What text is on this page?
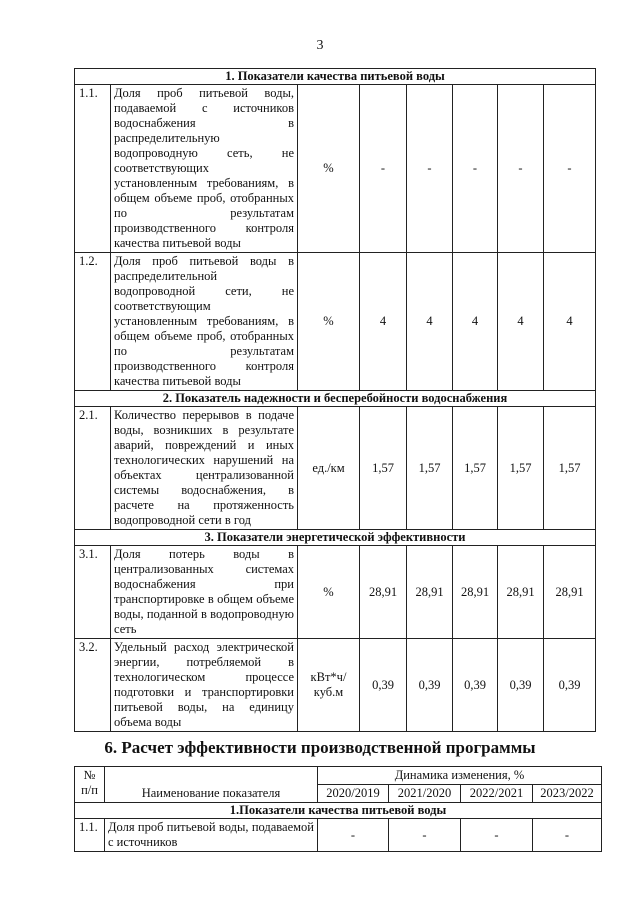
3
1. Показатели качества питьевой воды							
1.1.	Доля проб питьевой воды, подаваемой с источников водоснабжения в распределительную водопроводную сеть, не соответствующих установленным требованиям, в общем объеме проб, отобранных по результатам производственного контроля качества питьевой воды	%	-	-	-	-	-
1.2.	Доля проб питьевой воды в распределительной водопроводной сети, не соответствующим установленным требованиям, в общем объеме проб, отобранных по результатам производственного контроля качества питьевой воды	%	4	4	4	4	4
2. Показатель надежности и бесперебойности водоснабжения							
2.1.	Количество перерывов в подаче воды, возникших в результате аварий, повреждений и иных технологических нарушений на объектах централизованной системы водоснабжения, в расчете на протяженность водопроводной сети в год	ед./км	1,57	1,57	1,57	1,57	1,57
3. Показатели энергетической эффективности							
3.1.	Доля потерь воды в централизованных системах водоснабжения при транспортировке в общем объеме воды, поданной в водопроводную сеть	%	28,91	28,91	28,91	28,91	28,91
3.2.	Удельный расход электрической энергии, потребляемой в технологическом процессе подготовки и транспортировки питьевой воды, на единицу объема воды	кВт*ч/ куб.м	0,39	0,39	0,39	0,39	0,39
6. Расчет эффективности производственной программы
№ п/п	Наименование показателя	Динамика изменения, %			
		2020/2019	2021/2020	2022/2021	2023/2022
1.Показатели качества питьевой воды					
1.1.	Доля проб питьевой воды, подаваемой с источников	-	-	-	-
